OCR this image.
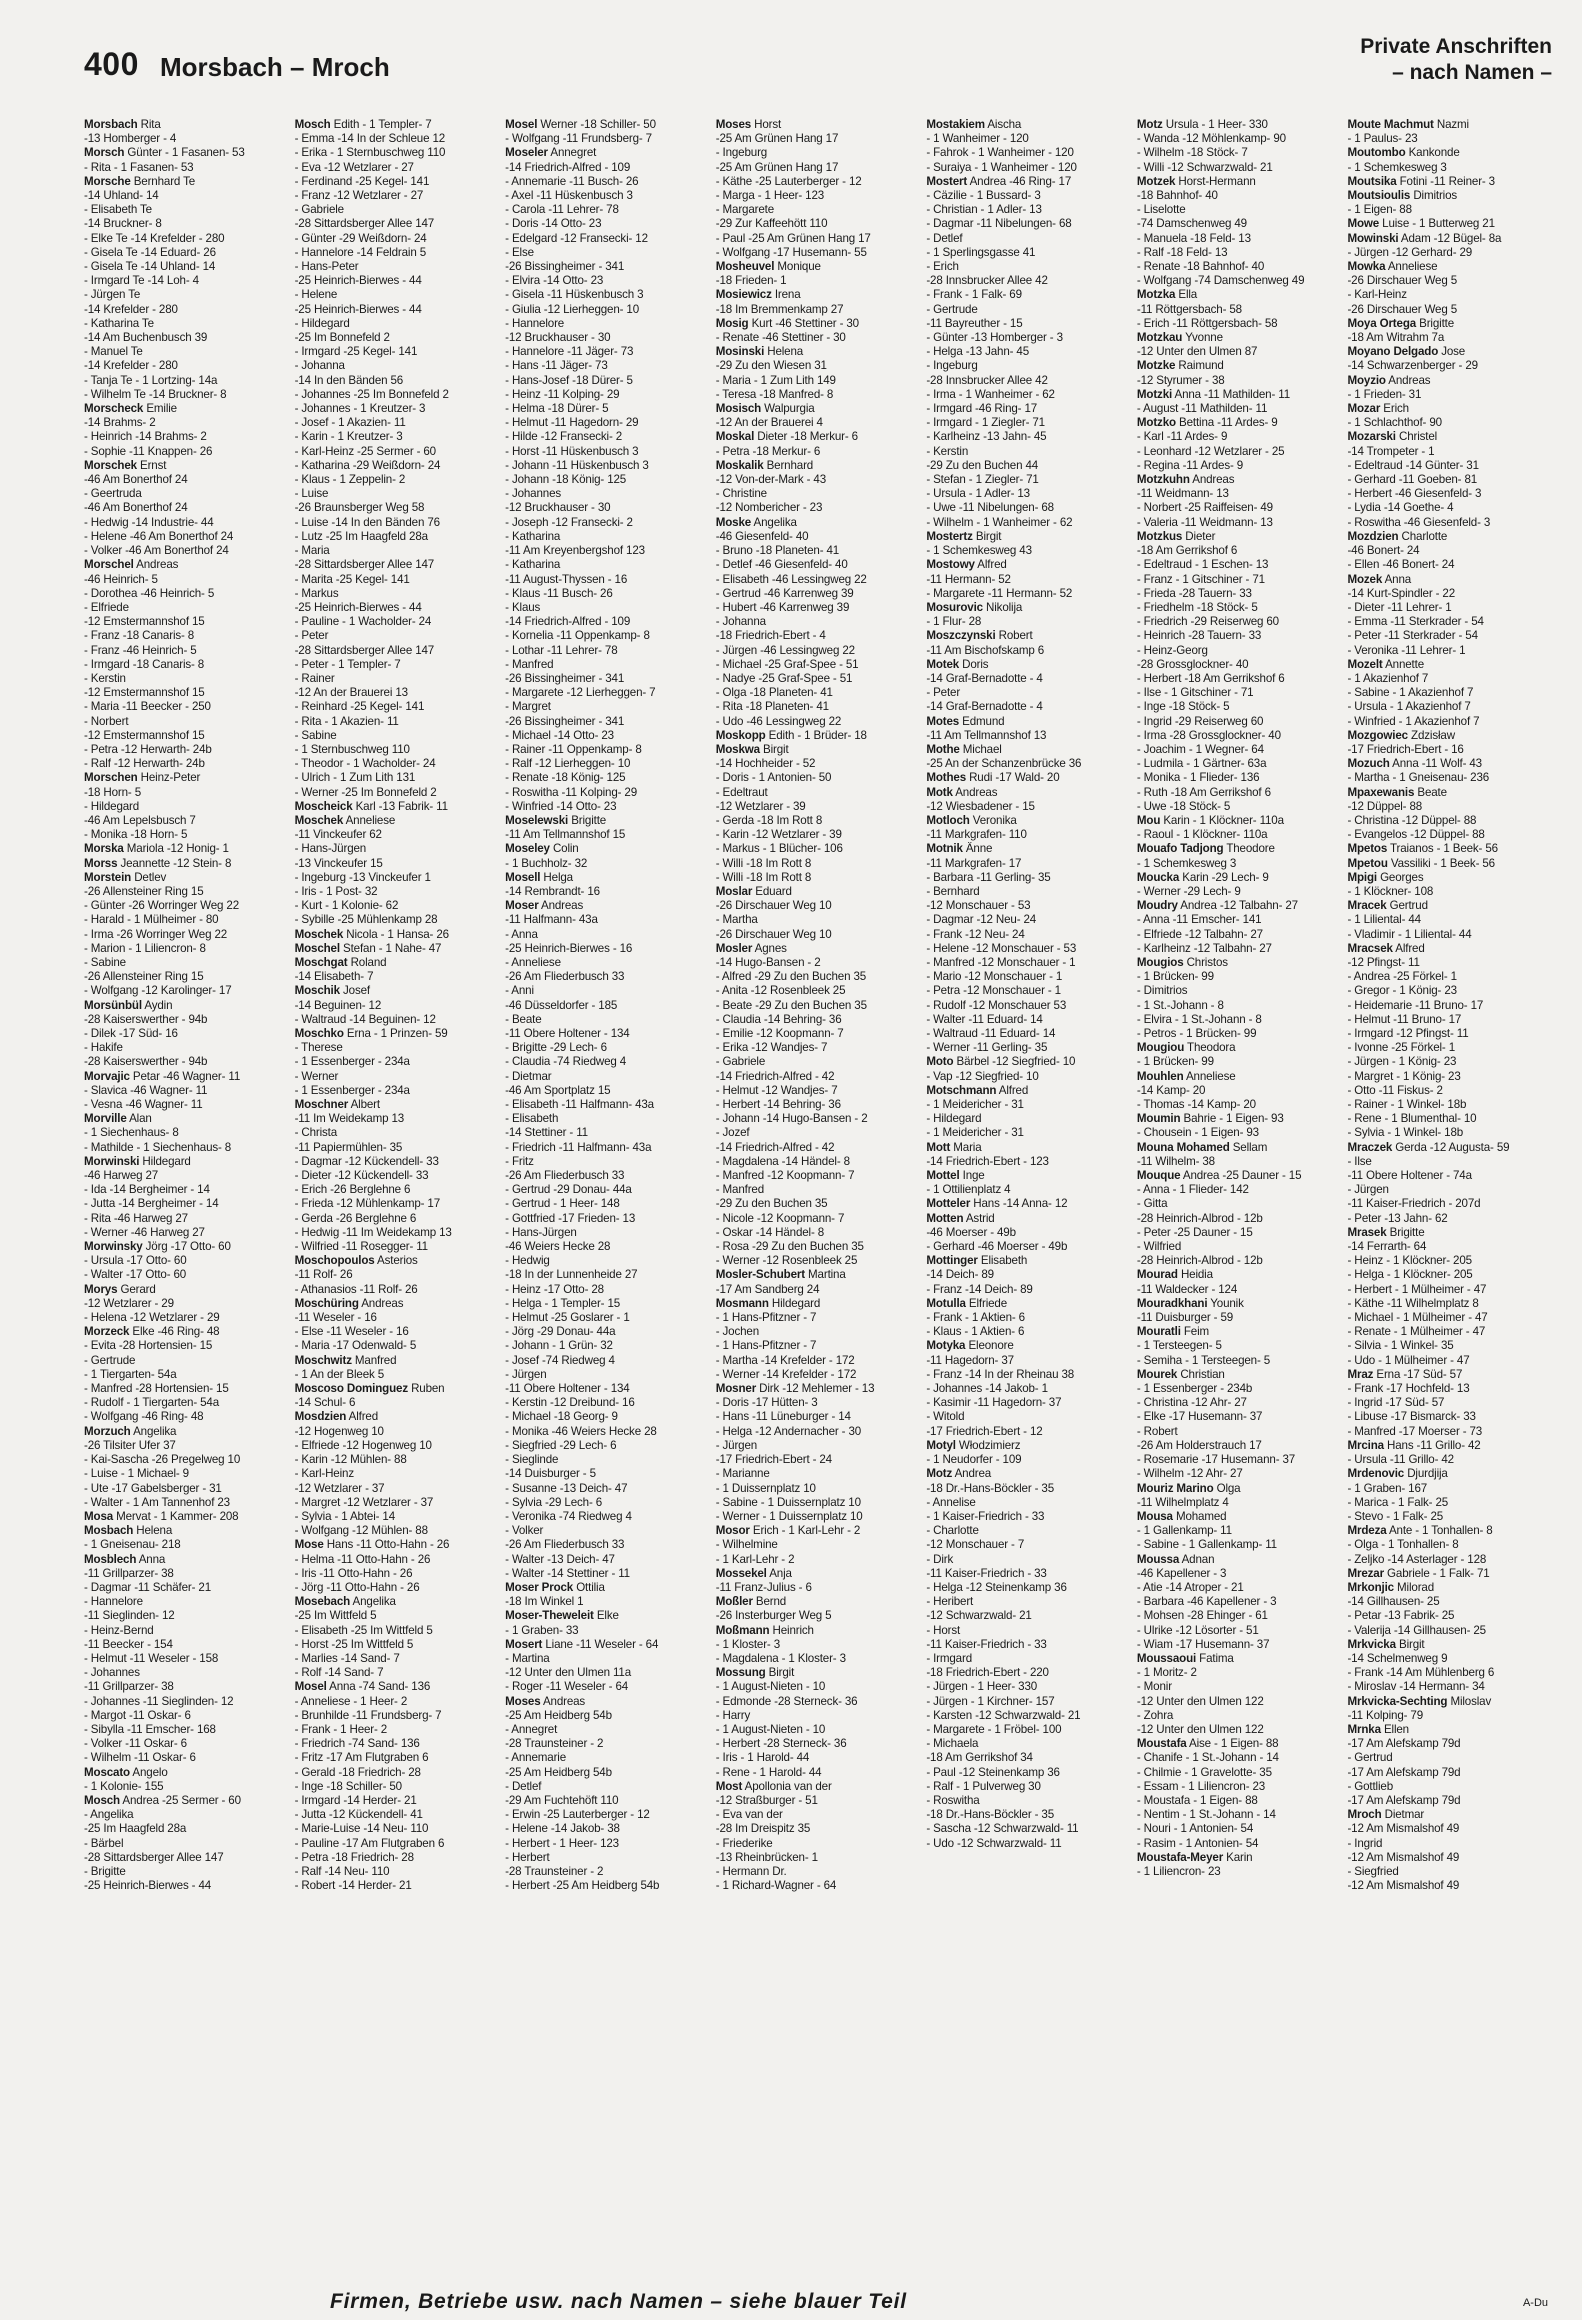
400 Morsbach – Mroch
Private Anschriften
– nach Namen –
Morsbach Rita
-13 Homberger - 4
Morsch Günter - 1 Fasanen- 53
- Rita - 1 Fasanen- 53
Morsche Bernhard Te
-14 Uhland- 14
- Elisabeth Te
-14 Bruckner- 8
- Elke Te -14 Krefelder - 280
- Gisela Te -14 Eduard- 26
- Gisela Te -14 Uhland- 14
- Irmgard Te -14 Loh- 4
- Jürgen Te
-14 Krefelder - 280
- Katharina Te
-14 Am Buchenbusch 39
- Manuel Te
-14 Krefelder - 280
- Tanja Te - 1 Lortzing- 14a
- Wilhelm Te -14 Bruckner- 8
Morscheck Emilie
-14 Brahms- 2
- Heinrich -14 Brahms- 2
- Sophie -11 Knappen- 26
Morschek Ernst
-46 Am Bonerthof 24
- Geertruda
-46 Am Bonerthof 24
- Hedwig -14 Industrie- 44
- Helene -46 Am Bonerthof 24
- Volker -46 Am Bonerthof 24
Morschel Andreas
-46 Heinrich- 5
- Dorothea -46 Heinrich- 5
- Elfriede
-12 Emstermannshof 15
- Franz -18 Canaris- 8
- Franz -46 Heinrich- 5
- Irmgard -18 Canaris- 8
- Kerstin
-12 Emstermannshof 15
- Maria -11 Beecker - 250
- Norbert
-12 Emstermannshof 15
- Petra -12 Herwarth- 24b
- Ralf -12 Herwarth- 24b
Morschen Heinz-Peter
-18 Horn- 5
- Hildegard
-46 Am Lepelsbusch 7
- Monika -18 Horn- 5
Morska Mariola -12 Honig- 1
Morss Jeannette -12 Stein- 8
Morstein Detlev
-26 Allensteiner Ring 15
- Günter -26 Worringer Weg 22
- Harald - 1 Mülheimer - 80
- Irma -26 Worringer Weg 22
- Marion - 1 Liliencron- 8
- Sabine
-26 Allensteiner Ring 15
- Wolfgang -12 Karolinger- 17
Morsünbül Aydin
-28 Kaiserswerther - 94b
- Dilek -17 Süd- 16
- Hakife
-28 Kaiserswerther - 94b
Morvajic Petar -46 Wagner- 11
- Slavica -46 Wagner- 11
- Vesna -46 Wagner- 11
Morville Alan
- 1 Siechenhaus- 8
- Mathilde - 1 Siechenhaus- 8
Morwinski Hildegard
-46 Harweg 27
- Ida -14 Bergheimer - 14
- Jutta -14 Bergheimer - 14
- Rita -46 Harweg 27
- Werner -46 Harweg 27
Morwinsky Jörg -17 Otto- 60
- Ursula -17 Otto- 60
- Walter -17 Otto- 60
Morys Gerard
-12 Wetzlarer - 29
- Helena -12 Wetzlarer - 29
Morzeck Elke -46 Ring- 48
- Evita -28 Hortensien- 15
- Gertrude
- 1 Tiergarten- 54a
- Manfred -28 Hortensien- 15
- Rudolf - 1 Tiergarten- 54a
- Wolfgang -46 Ring- 48
Morzuch Angelika
-26 Tilsiter Ufer 37
- Kai-Sascha -26 Pregelweg 10
- Luise - 1 Michael- 9
- Ute -17 Gabelsberger - 31
- Walter - 1 Am Tannenhof 23
Mosa Mervat - 1 Kammer- 208
Mosbach Helena
- 1 Gneisenau- 218
Mosblech Anna
-11 Grillparzer- 38
- Dagmar -11 Schäfer- 21
- Hannelore
-11 Sieglinden- 12
- Heinz-Bernd
-11 Beecker - 154
- Helmut -11 Weseler - 158
- Johannes
-11 Grillparzer- 38
- Johannes -11 Sieglinden- 12
- Margot -11 Oskar- 6
- Sibylla -11 Emscher- 168
- Volker -11 Oskar- 6
- Wilhelm -11 Oskar- 6
Moscato Angelo
- 1 Kolonie- 155
Mosch Andrea -25 Sermer - 60
- Angelika
-25 Im Haagfeld 28a
- Bärbel
-28 Sittardsberger Allee 147
- Brigitte
-25 Heinrich-Bierwes - 44
Mosch Edith - 1 Templer- 7
- Emma -14 In der Schleue 12
- Erika - 1 Sternbuschweg 110
- Eva -12 Wetzlarer - 27
- Ferdinand -25 Kegel- 141
- Franz -12 Wetzlarer - 27
- Gabriele
-28 Sittardsberger Allee 147
- Günter -29 Weißdorn- 24
- Hannelore -14 Feldrain 5
- Hans-Peter
-25 Heinrich-Bierwes - 44
- Helene
-25 Heinrich-Bierwes - 44
- Hildegard
-25 Im Bonnefeld 2
- Irmgard -25 Kegel- 141
- Johanna
-14 In den Bänden 56
- Johannes -25 Im Bonnefeld 2
- Johannes - 1 Kreutzer- 3
- Josef - 1 Akazien- 11
- Karin - 1 Kreutzer- 3
- Karl-Heinz -25 Sermer - 60
- Katharina -29 Weißdorn- 24
- Klaus - 1 Zeppelin- 2
- Luise
-26 Braunsberger Weg 58
- Luise -14 In den Bänden 76
- Lutz -25 Im Haagfeld 28a
- Maria
-28 Sittardsberger Allee 147
- Marita -25 Kegel- 141
- Markus
-25 Heinrich-Bierwes - 44
- Pauline - 1 Wacholder- 24
- Peter
-28 Sittardsberger Allee 147
- Peter - 1 Templer- 7
- Rainer
-12 An der Brauerei 13
- Reinhard -25 Kegel- 141
- Rita - 1 Akazien- 11
- Sabine
- 1 Sternbuschweg 110
- Theodor - 1 Wacholder- 24
- Ulrich - 1 Zum Lith 131
- Werner -25 Im Bonnefeld 2
Moscheick Karl -13 Fabrik- 11
Moschek Anneliese
-11 Vinckeufer 62
- Hans-Jürgen
-13 Vinckeufer 15
- Ingeburg -13 Vinckeufer 1
- Iris - 1 Post- 32
- Kurt - 1 Kolonie- 62
- Sybille -25 Mühlenkamp 28
Moschek Nicola - 1 Hansa- 26
Moschel Stefan - 1 Nahe- 47
Moschgat Roland
-14 Elisabeth- 7
Moschik Josef
-14 Beguinen- 12
- Waltraud -14 Beguinen- 12
Moschko Erna - 1 Prinzen- 59
- Therese
- 1 Essenberger - 234a
- Werner
- 1 Essenberger - 234a
Moschner Albert
-11 Im Weidekamp 13
- Christa
-11 Papiermühlen- 35
- Dagmar -12 Kückendell- 33
- Dieter -12 Kückendell- 33
- Erich -26 Berglehne 6
- Frieda -12 Mühlenkamp- 17
- Gerda -26 Berglehne 6
- Hedwig -11 Im Weidekamp 13
- Wilfried -11 Rosegger- 11
Moschopoulos Asterios
-11 Rolf- 26
- Athanasios -11 Rolf- 26
Moschüring Andreas
-11 Weseler - 16
- Else -11 Weseler - 16
- Maria -17 Odenwald- 5
Moschwitz Manfred
- 1 An der Bleek 5
Moscoso Dominguez Ruben
-14 Schul- 6
Mosdzien Alfred
-12 Hogenweg 10
- Elfriede -12 Hogenweg 10
- Karin -12 Mühlen- 88
- Karl-Heinz
-12 Wetzlarer - 37
- Margret -12 Wetzlarer - 37
- Sylvia - 1 Abtei- 14
- Wolfgang -12 Mühlen- 88
Mose Hans -11 Otto-Hahn - 26
- Helma -11 Otto-Hahn - 26
- Iris -11 Otto-Hahn - 26
- Jörg -11 Otto-Hahn - 26
Mosebach Angelika
-25 Im Wittfeld 5
- Elisabeth -25 Im Wittfeld 5
- Horst -25 Im Wittfeld 5
- Marlies -14 Sand- 7
- Rolf -14 Sand- 7
Mosel Anna -74 Sand- 136
- Anneliese - 1 Heer- 2
- Brunhilde -11 Frundsberg- 7
- Frank - 1 Heer- 2
- Friedrich -74 Sand- 136
- Fritz -17 Am Flutgraben 6
- Gerald -18 Friedrich- 28
- Inge -18 Schiller- 50
- Irmgard -14 Herder- 21
- Jutta -12 Kückendell- 41
- Marie-Luise -14 Neu- 110
- Pauline -17 Am Flutgraben 6
- Petra -18 Friedrich- 28
- Ralf -14 Neu- 110
- Robert -14 Herder- 21
Mosel Werner -18 Schiller- 50
- Wolfgang -11 Frundsberg- 7
Moseler Annegret
-14 Friedrich-Alfred - 109
- Annemarie -11 Busch- 26
- Axel -11 Hüskenbusch 3
- Carola -11 Lehrer- 78
- Doris -14 Otto- 23
- Edelgard -12 Fransecki- 12
- Else
-26 Bissingheimer - 341
- Elvira -14 Otto- 23
- Gisela -11 Hüskenbusch 3
- Giulia -12 Lierheggen- 10
- Hannelore
-12 Bruckhauser - 30
- Hannelore -11 Jäger- 73
- Hans -11 Jäger- 73
- Hans-Josef -18 Dürer- 5
- Heinz -11 Kolping- 29
- Helma -18 Dürer- 5
- Helmut -11 Hagedorn- 29
- Hilde -12 Fransecki- 2
- Horst -11 Hüskenbusch 3
- Johann -11 Hüskenbusch 3
- Johann -18 König- 125
- Johannes
-12 Bruckhauser - 30
- Joseph -12 Fransecki- 2
- Katharina
-11 Am Kreyenbergshof 123
- Katharina
-11 August-Thyssen - 16
- Klaus -11 Busch- 26
- Klaus
-14 Friedrich-Alfred - 109
- Kornelia -11 Oppenkamp- 8
- Lothar -11 Lehrer- 78
- Manfred
-26 Bissingheimer - 341
- Margarete -12 Lierheggen- 7
- Margret
-26 Bissingheimer - 341
- Michael -14 Otto- 23
- Rainer -11 Oppenkamp- 8
- Ralf -12 Lierheggen- 10
- Renate -18 König- 125
- Roswitha -11 Kolping- 29
- Winfried -14 Otto- 23
Moselewski Brigitte
-11 Am Tellmannshof 15
Moseley Colin
- 1 Buchholz- 32
Mosell Helga
-14 Rembrandt- 16
Moser Andreas
-11 Halfmann- 43a
- Anna
-25 Heinrich-Bierwes - 16
- Anneliese
-26 Am Fliederbusch 33
- Anni
-46 Düsseldorfer - 185
- Beate
-11 Obere Holtener - 134
- Brigitte -29 Lech- 6
- Claudia -74 Riedweg 4
- Dietmar
-46 Am Sportplatz 15
- Elisabeth -11 Halfmann- 43a
- Elisabeth
-14 Stettiner - 11
- Friedrich -11 Halfmann- 43a
- Fritz
-26 Am Fliederbusch 33
- Gertrud -29 Donau- 44a
- Gertrud - 1 Heer- 148
- Gottfried -17 Frieden- 13
- Hans-Jürgen
-46 Weiers Hecke 28
- Hedwig
-18 In der Lunnenheide 27
- Heinz -17 Otto- 28
- Helga - 1 Templer- 15
- Helmut -25 Goslarer - 1
- Jörg -29 Donau- 44a
- Johann - 1 Grün- 32
- Josef -74 Riedweg 4
- Jürgen
-11 Obere Holtener - 134
- Kerstin -12 Dreibund- 16
- Michael -18 Georg- 9
- Monika -46 Weiers Hecke 28
- Siegfried -29 Lech- 6
- Sieglinde
-14 Duisburger - 5
- Susanne -13 Deich- 47
- Sylvia -29 Lech- 6
- Veronika -74 Riedweg 4
- Volker
-26 Am Fliederbusch 33
- Walter -13 Deich- 47
- Walter -14 Stettiner - 11
Moser Prock Ottilia
-18 Im Winkel 1
Moser-Theweleit Elke
- 1 Graben- 33
Mosert Liane -11 Weseler - 64
- Martina
-12 Unter den Ulmen 11a
- Roger -11 Weseler - 64
Moses Andreas
-25 Am Heidberg 54b
- Annegret
-28 Traunsteiner - 2
- Annemarie
-25 Am Heidberg 54b
- Detlef
-29 Am Fuchtehöft 110
- Erwin -25 Lauterberger - 12
- Helene -14 Jakob- 38
- Herbert - 1 Heer- 123
- Herbert
-28 Traunsteiner - 2
- Herbert -25 Am Heidberg 54b
Moses Horst
-25 Am Grünen Hang 17
- Ingeburg
-25 Am Grünen Hang 17
- Käthe -25 Lauterberger - 12
- Marga - 1 Heer- 123
- Margarete
-29 Zur Kaffeehött 110
- Paul -25 Am Grünen Hang 17
- Wolfgang -17 Husemann- 55
Mosheuvel Monique
-18 Frieden- 1
Mosiewicz Irena
-18 Im Bremmenkamp 27
Mosig Kurt -46 Stettiner - 30
- Renate -46 Stettiner - 30
Mosinski Helena
-29 Zu den Wiesen 31
- Maria - 1 Zum Lith 149
- Teresa -18 Manfred- 8
Mosisch Walpurgia
-12 An der Brauerei 4
Moskal Dieter -18 Merkur- 6
- Petra -18 Merkur- 6
Moskalik Bernhard
-12 Von-der-Mark - 43
- Christine
-12 Nombericher - 23
Moske Angelika
-46 Giesenfeld- 40
- Bruno -18 Planeten- 41
- Detlef -46 Giesenfeld- 40
- Elisabeth -46 Lessingweg 22
- Gertrud -46 Karrenweg 39
- Hubert -46 Karrenweg 39
- Johanna
-18 Friedrich-Ebert - 4
- Jürgen -46 Lessingweg 22
- Michael -25 Graf-Spee - 51
- Nadye -25 Graf-Spee - 51
- Olga -18 Planeten- 41
- Rita -18 Planeten- 41
- Udo -46 Lessingweg 22
Moskopp Edith - 1 Brüder- 18
Moskwa Birgit
-14 Hochheider - 52
- Doris - 1 Antonien- 50
- Edeltraut
-12 Wetzlarer - 39
- Gerda -18 Im Rott 8
- Karin -12 Wetzlarer - 39
- Markus - 1 Blücher- 106
- Willi -18 Im Rott 8
- Willi -18 Im Rott 8
Moslar Eduard
-26 Dirschauer Weg 10
- Martha
-26 Dirschauer Weg 10
Mosler Agnes
-14 Hugo-Bansen - 2
- Alfred -29 Zu den Buchen 35
- Anita -12 Rosenbleek 25
- Beate -29 Zu den Buchen 35
- Claudia -14 Behring- 36
- Emilie -12 Koopmann- 7
- Erika -12 Wandjes- 7
- Gabriele
-14 Friedrich-Alfred - 42
- Helmut -12 Wandjes- 7
- Herbert -14 Behring- 36
- Johann -14 Hugo-Bansen - 2
- Jozef
-14 Friedrich-Alfred - 42
- Magdalena -14 Händel- 8
- Manfred -12 Koopmann- 7
- Manfred
-29 Zu den Buchen 35
- Nicole -12 Koopmann- 7
- Oskar -14 Händel- 8
- Rosa -29 Zu den Buchen 35
- Werner -12 Rosenbleek 25
Mosler-Schubert Martina
-17 Am Sandberg 24
Mosmann Hildegard
- 1 Hans-Pfitzner - 7
- Jochen
- 1 Hans-Pfitzner - 7
- Martha -14 Krefelder - 172
- Werner -14 Krefelder - 172
Mosner Dirk -12 Mehlemer - 13
- Doris -17 Hütten- 3
- Hans -11 Lüneburger - 14
- Helga -12 Andernacher - 30
- Jürgen
-17 Friedrich-Ebert - 24
- Marianne
- 1 Duissernplatz 10
- Sabine - 1 Duissernplatz 10
- Werner - 1 Duissernplatz 10
Mosor Erich - 1 Karl-Lehr - 2
- Wilhelmine
- 1 Karl-Lehr - 2
Mossekel Anja
-11 Franz-Julius - 6
Moßler Bernd
-26 Insterburger Weg 5
Moßmann Heinrich
- 1 Kloster- 3
- Magdalena - 1 Kloster- 3
Mossung Birgit
- 1 August-Nieten - 10
- Edmonde -28 Sterneck- 36
- Harry
- 1 August-Nieten - 10
- Herbert -28 Sterneck- 36
- Iris - 1 Harold- 44
- Rene - 1 Harold- 44
Most Apollonia van der
-12 Straßburger - 51
- Eva van der
-28 Im Dreispitz 35
- Friederike
-13 Rheinbrücken- 1
- Hermann Dr.
- 1 Richard-Wagner - 64
Mostakiem Aischa
- 1 Wanheimer - 120
- Fahrok - 1 Wanheimer - 120
- Suraiya - 1 Wanheimer - 120
Mostert Andrea -46 Ring- 17
- Cäzilie - 1 Bussard- 3
- Christian - 1 Adler- 13
- Dagmar -11 Nibelungen- 68
- Detlef
- 1 Sperlingsgasse 41
- Erich
-28 Innsbrucker Allee 42
- Frank - 1 Falk- 69
- Gertrude
-11 Bayreuther - 15
- Günter -13 Homberger - 3
- Helga -13 Jahn- 45
- Ingeburg
-28 Innsbrucker Allee 42
- Irma - 1 Wanheimer - 62
- Irmgard -46 Ring- 17
- Irmgard - 1 Ziegler- 71
- Karlheinz -13 Jahn- 45
- Kerstin
-29 Zu den Buchen 44
- Stefan - 1 Ziegler- 71
- Ursula - 1 Adler- 13
- Uwe -11 Nibelungen- 68
- Wilhelm - 1 Wanheimer - 62
Mostertz Birgit
- 1 Schemkesweg 43
Mostowy Alfred
-11 Hermann- 52
- Margarete -11 Hermann- 52
Mosurovic Nikolija
- 1 Flur- 28
Moszczynski Robert
-11 Am Bischofskamp 6
Motek Doris
-14 Graf-Bernadotte - 4
- Peter
-14 Graf-Bernadotte - 4
Motes Edmund
-11 Am Tellmannshof 13
Mothe Michael
-25 An der Schanzenbrücke 36
Mothes Rudi -17 Wald- 20
Motk Andreas
-12 Wiesbadener - 15
Motloch Veronika
-11 Markgrafen- 110
Motnik Änne
-11 Markgrafen- 17
- Barbara -11 Gerling- 35
- Bernhard
-12 Monschauer - 53
- Dagmar -12 Neu- 24
- Frank -12 Neu- 24
- Helene -12 Monschauer - 53
- Manfred -12 Monschauer - 1
- Mario -12 Monschauer - 1
- Petra -12 Monschauer - 1
- Rudolf -12 Monschauer 53
- Walter -11 Eduard- 14
- Waltraud -11 Eduard- 14
- Werner -11 Gerling- 35
Moto Bärbel -12 Siegfried- 10
- Vap -12 Siegfried- 10
Motschmann Alfred
- 1 Meidericher - 31
- Hildegard
- 1 Meidericher - 31
Mott Maria
-14 Friedrich-Ebert - 123
Mottel Inge
- 1 Ottilienplatz 4
Motteler Hans -14 Anna- 12
Motten Astrid
-46 Moerser - 49b
- Gerhard -46 Moerser - 49b
Mottinger Elisabeth
-14 Deich- 89
- Franz -14 Deich- 89
Motulla Elfriede
- Frank - 1 Aktien- 6
- Klaus - 1 Aktien- 6
Motyka Eleonore
-11 Hagedorn- 37
- Franz -14 In der Rheinau 38
- Johannes -14 Jakob- 1
- Kasimir -11 Hagedorn- 37
- Witold
-17 Friedrich-Ebert - 12
Motyl Włodzimierz
- 1 Neudorfer - 109
Motz Andrea
-18 Dr.-Hans-Böckler - 35
- Annelise
- 1 Kaiser-Friedrich - 33
- Charlotte
-12 Monschauer - 7
- Dirk
-11 Kaiser-Friedrich - 33
- Helga -12 Steinenkamp 36
- Heribert
-12 Schwarzwald- 21
- Horst
-11 Kaiser-Friedrich - 33
- Irmgard
-18 Friedrich-Ebert - 220
- Jürgen - 1 Heer- 330
- Jürgen - 1 Kirchner- 157
- Karsten -12 Schwarzwald- 21
- Margarete - 1 Fröbel- 100
- Michaela
-18 Am Gerrikshof 34
- Paul -12 Steinenkamp 36
- Ralf - 1 Pulverweg 30
- Roswitha
-18 Dr.-Hans-Böckler - 35
- Sascha -12 Schwarzwald- 11
- Udo -12 Schwarzwald- 11
Motz Ursula - 1 Heer- 330
- Wanda -12 Möhlenkamp- 90
- Wilhelm -18 Stöck- 7
- Willi -12 Schwarzwald- 21
Motzek Horst-Hermann
-18 Bahnhof- 40
- Liselotte
-74 Damschenweg 49
- Manuela -18 Feld- 13
- Ralf -18 Feld- 13
- Renate -18 Bahnhof- 40
- Wolfgang -74 Damschenweg 49
Motzka Ella
-11 Röttgersbach- 58
- Erich -11 Röttgersbach- 58
Motzkau Yvonne
-12 Unter den Ulmen 87
Motzke Raimund
-12 Styrumer - 38
Motzki Anna -11 Mathilden- 11
- August -11 Mathilden- 11
Motzko Bettina -11 Ardes- 9
- Karl -11 Ardes- 9
- Leonhard -12 Wetzlarer - 25
- Regina -11 Ardes- 9
Motzkuhn Andreas
-11 Weidmann- 13
- Norbert -25 Raiffeisen- 49
- Valeria -11 Weidmann- 13
Motzkus Dieter
-18 Am Gerrikshof 6
- Edeltraud - 1 Eschen- 13
- Franz - 1 Gitschiner - 71
- Frieda -28 Tauern- 33
- Friedhelm -18 Stöck- 5
- Friedrich -29 Reiserweg 60
- Heinrich -28 Tauern- 33
- Heinz-Georg
-28 Grossglockner- 40
- Herbert -18 Am Gerrikshof 6
- Ilse - 1 Gitschiner - 71
- Inge -18 Stöck- 5
- Ingrid -29 Reiserweg 60
- Irma -28 Grossglockner- 40
- Joachim - 1 Wegner- 64
- Ludmila - 1 Gärtner- 63a
- Monika - 1 Flieder- 136
- Ruth -18 Am Gerrikshof 6
- Uwe -18 Stöck- 5
Mou Karin - 1 Klöckner- 110a
- Raoul - 1 Klöckner- 110a
Mouafo Tadjong Theodore
- 1 Schemkesweg 3
Moucka Karin -29 Lech- 9
- Werner -29 Lech- 9
Moudry Andrea -12 Talbahn- 27
- Anna -11 Emscher- 141
- Elfriede -12 Talbahn- 27
- Karlheinz -12 Talbahn- 27
Mougios Christos
- 1 Brücken- 99
- Dimitrios
- 1 St.-Johann - 8
- Elvira - 1 St.-Johann - 8
- Petros - 1 Brücken- 99
Mougiou Theodora
- 1 Brücken- 99
Mouhlen Anneliese
-14 Kamp- 20
- Thomas -14 Kamp- 20
Moumin Bahrie - 1 Eigen- 93
- Chousein - 1 Eigen- 93
Mouna Mohamed Sellam
-11 Wilhelm- 38
Mouque Andrea -25 Dauner - 15
- Anna - 1 Flieder- 142
- Gitta
-28 Heinrich-Albrod - 12b
- Peter -25 Dauner - 15
- Wilfried
-28 Heinrich-Albrod - 12b
Mourad Heidia
-11 Waldecker - 124
Mouradkhani Younik
-11 Duisburger - 59
Mouratli Feim
- 1 Tersteegen- 5
- Semiha - 1 Tersteegen- 5
Mourek Christian
- 1 Essenberger - 234b
- Christina -12 Ahr- 27
- Elke -17 Husemann- 37
- Robert
-26 Am Holderstrauch 17
- Rosemarie -17 Husemann- 37
- Wilhelm -12 Ahr- 27
Mouriz Marino Olga
-11 Wilhelmplatz 4
Mousa Mohamed
- 1 Gallenkamp- 11
- Sabine - 1 Gallenkamp- 11
Moussa Adnan
-46 Kapellener - 3
- Atie -14 Atroper - 21
- Barbara -46 Kapellener - 3
- Mohsen -28 Ehinger - 61
- Ulrike -12 Lösorter - 51
- Wiam -17 Husemann- 37
Moussaoui Fatima
- 1 Moritz- 2
- Monir
-12 Unter den Ulmen 122
- Zohra
-12 Unter den Ulmen 122
Moustafa Aise - 1 Eigen- 88
- Chanife - 1 St.-Johann - 14
- Chilmie - 1 Gravelotte- 35
- Essam - 1 Liliencron- 23
- Moustafa - 1 Eigen- 88
- Nentim - 1 St.-Johann - 14
- Nouri - 1 Antonien- 54
- Rasim - 1 Antonien- 54
Moustafa-Meyer Karin
- 1 Liliencron- 23
Moute Machmut Nazmi
- 1 Paulus- 23
Moutombo Kankonde
- 1 Schemkesweg 3
Moutsika Fotini -11 Reiner- 3
Moutsioulis Dimitrios
- 1 Eigen- 88
Mowe Luise - 1 Butterweg 21
Mowinski Adam -12 Bügel- 8a
- Jürgen -12 Gerhard- 29
Mowka Anneliese
-26 Dirschauer Weg 5
- Karl-Heinz
-26 Dirschauer Weg 5
Moya Ortega Brigitte
-18 Am Witrahm 7a
Moyano Delgado Jose
-14 Schwarzenberger - 29
Moyzio Andreas
- 1 Frieden- 31
Mozar Erich
- 1 Schlachthof- 90
Mozarski Christel
-14 Trompeter - 1
- Edeltraud -14 Günter- 31
- Gerhard -11 Goeben- 81
- Herbert -46 Giesenfeld- 3
- Lydia -14 Goethe- 4
- Roswitha -46 Giesenfeld- 3
Mozdzien Charlotte
-46 Bonert- 24
- Ellen -46 Bonert- 24
Mozek Anna
-14 Kurt-Spindler - 22
- Dieter -11 Lehrer- 1
- Emma -11 Sterkrader - 54
- Peter -11 Sterkrader - 54
- Veronika -11 Lehrer- 1
Mozelt Annette
- 1 Akazienhof 7
- Sabine - 1 Akazienhof 7
- Ursula - 1 Akazienhof 7
- Winfried - 1 Akazienhof 7
Mozgowiec Zdzisław
-17 Friedrich-Ebert - 16
Mozuch Anna -11 Wolf- 43
- Martha - 1 Gneisenau- 236
Mpaxewanis Beate
-12 Düppel- 88
- Christina -12 Düppel- 88
- Evangelos -12 Düppel- 88
Mpetos Traianos - 1 Beek- 56
Mpetou Vassiliki - 1 Beek- 56
Mpigi Georges
- 1 Klöckner- 108
Mracek Gertrud
- 1 Liliental- 44
- Vladimir - 1 Liliental- 44
Mracsek Alfred
-12 Pfingst- 11
- Andrea -25 Förkel- 1
- Gregor - 1 König- 23
- Heidemarie -11 Bruno- 17
- Helmut -11 Bruno- 17
- Irmgard -12 Pfingst- 11
- Ivonne -25 Förkel- 1
- Jürgen - 1 König- 23
- Margret - 1 König- 23
- Otto -11 Fiskus- 2
- Rainer - 1 Winkel- 18b
- Rene - 1 Blumenthal- 10
- Sylvia - 1 Winkel- 18b
Mraczek Gerda -12 Augusta- 59
- Ilse
-11 Obere Holtener - 74a
- Jürgen
-11 Kaiser-Friedrich - 207d
- Peter -13 Jahn- 62
Mrasek Brigitte
-14 Ferrarth- 64
- Heinz - 1 Klöckner- 205
- Helga - 1 Klöckner- 205
- Herbert - 1 Mülheimer - 47
- Käthe -11 Wilhelmplatz 8
- Michael - 1 Mülheimer - 47
- Renate - 1 Mülheimer - 47
- Silvia - 1 Winkel- 35
- Udo - 1 Mülheimer - 47
Mraz Erna -17 Süd- 57
- Frank -17 Hochfeld- 13
- Ingrid -17 Süd- 57
- Libuse -17 Bismarck- 33
- Manfred -17 Moerser - 73
Mrcina Hans -11 Grillo- 42
- Ursula -11 Grillo- 42
Mrdenovic Djurdjija
- 1 Graben- 167
- Marica - 1 Falk- 25
- Stevo - 1 Falk- 25
Mrdeza Ante - 1 Tonhallen- 8
- Olga - 1 Tonhallen- 8
- Zeljko -14 Asterlager - 128
Mrezar Gabriele - 1 Falk- 71
Mrkonjic Milorad
-14 Gillhausen- 25
- Petar -13 Fabrik- 25
- Valerija -14 Gillhausen- 25
Mrkvicka Birgit
-14 Schelmenweg 9
- Frank -14 Am Mühlenberg 6
- Miroslav -14 Hermann- 34
Mrkvicka-Sechting Miloslav
-11 Kolping- 79
Mrnka Ellen
-17 Am Alefskamp 79d
- Gertrud
-17 Am Alefskamp 79d
- Gottlieb
-17 Am Alefskamp 79d
Mroch Dietmar
-12 Am Mismalshof 49
- Ingrid
-12 Am Mismalshof 49
- Siegfried
-12 Am Mismalshof 49
Firmen, Betriebe usw. nach Namen – siehe blauer Teil	A-Du
